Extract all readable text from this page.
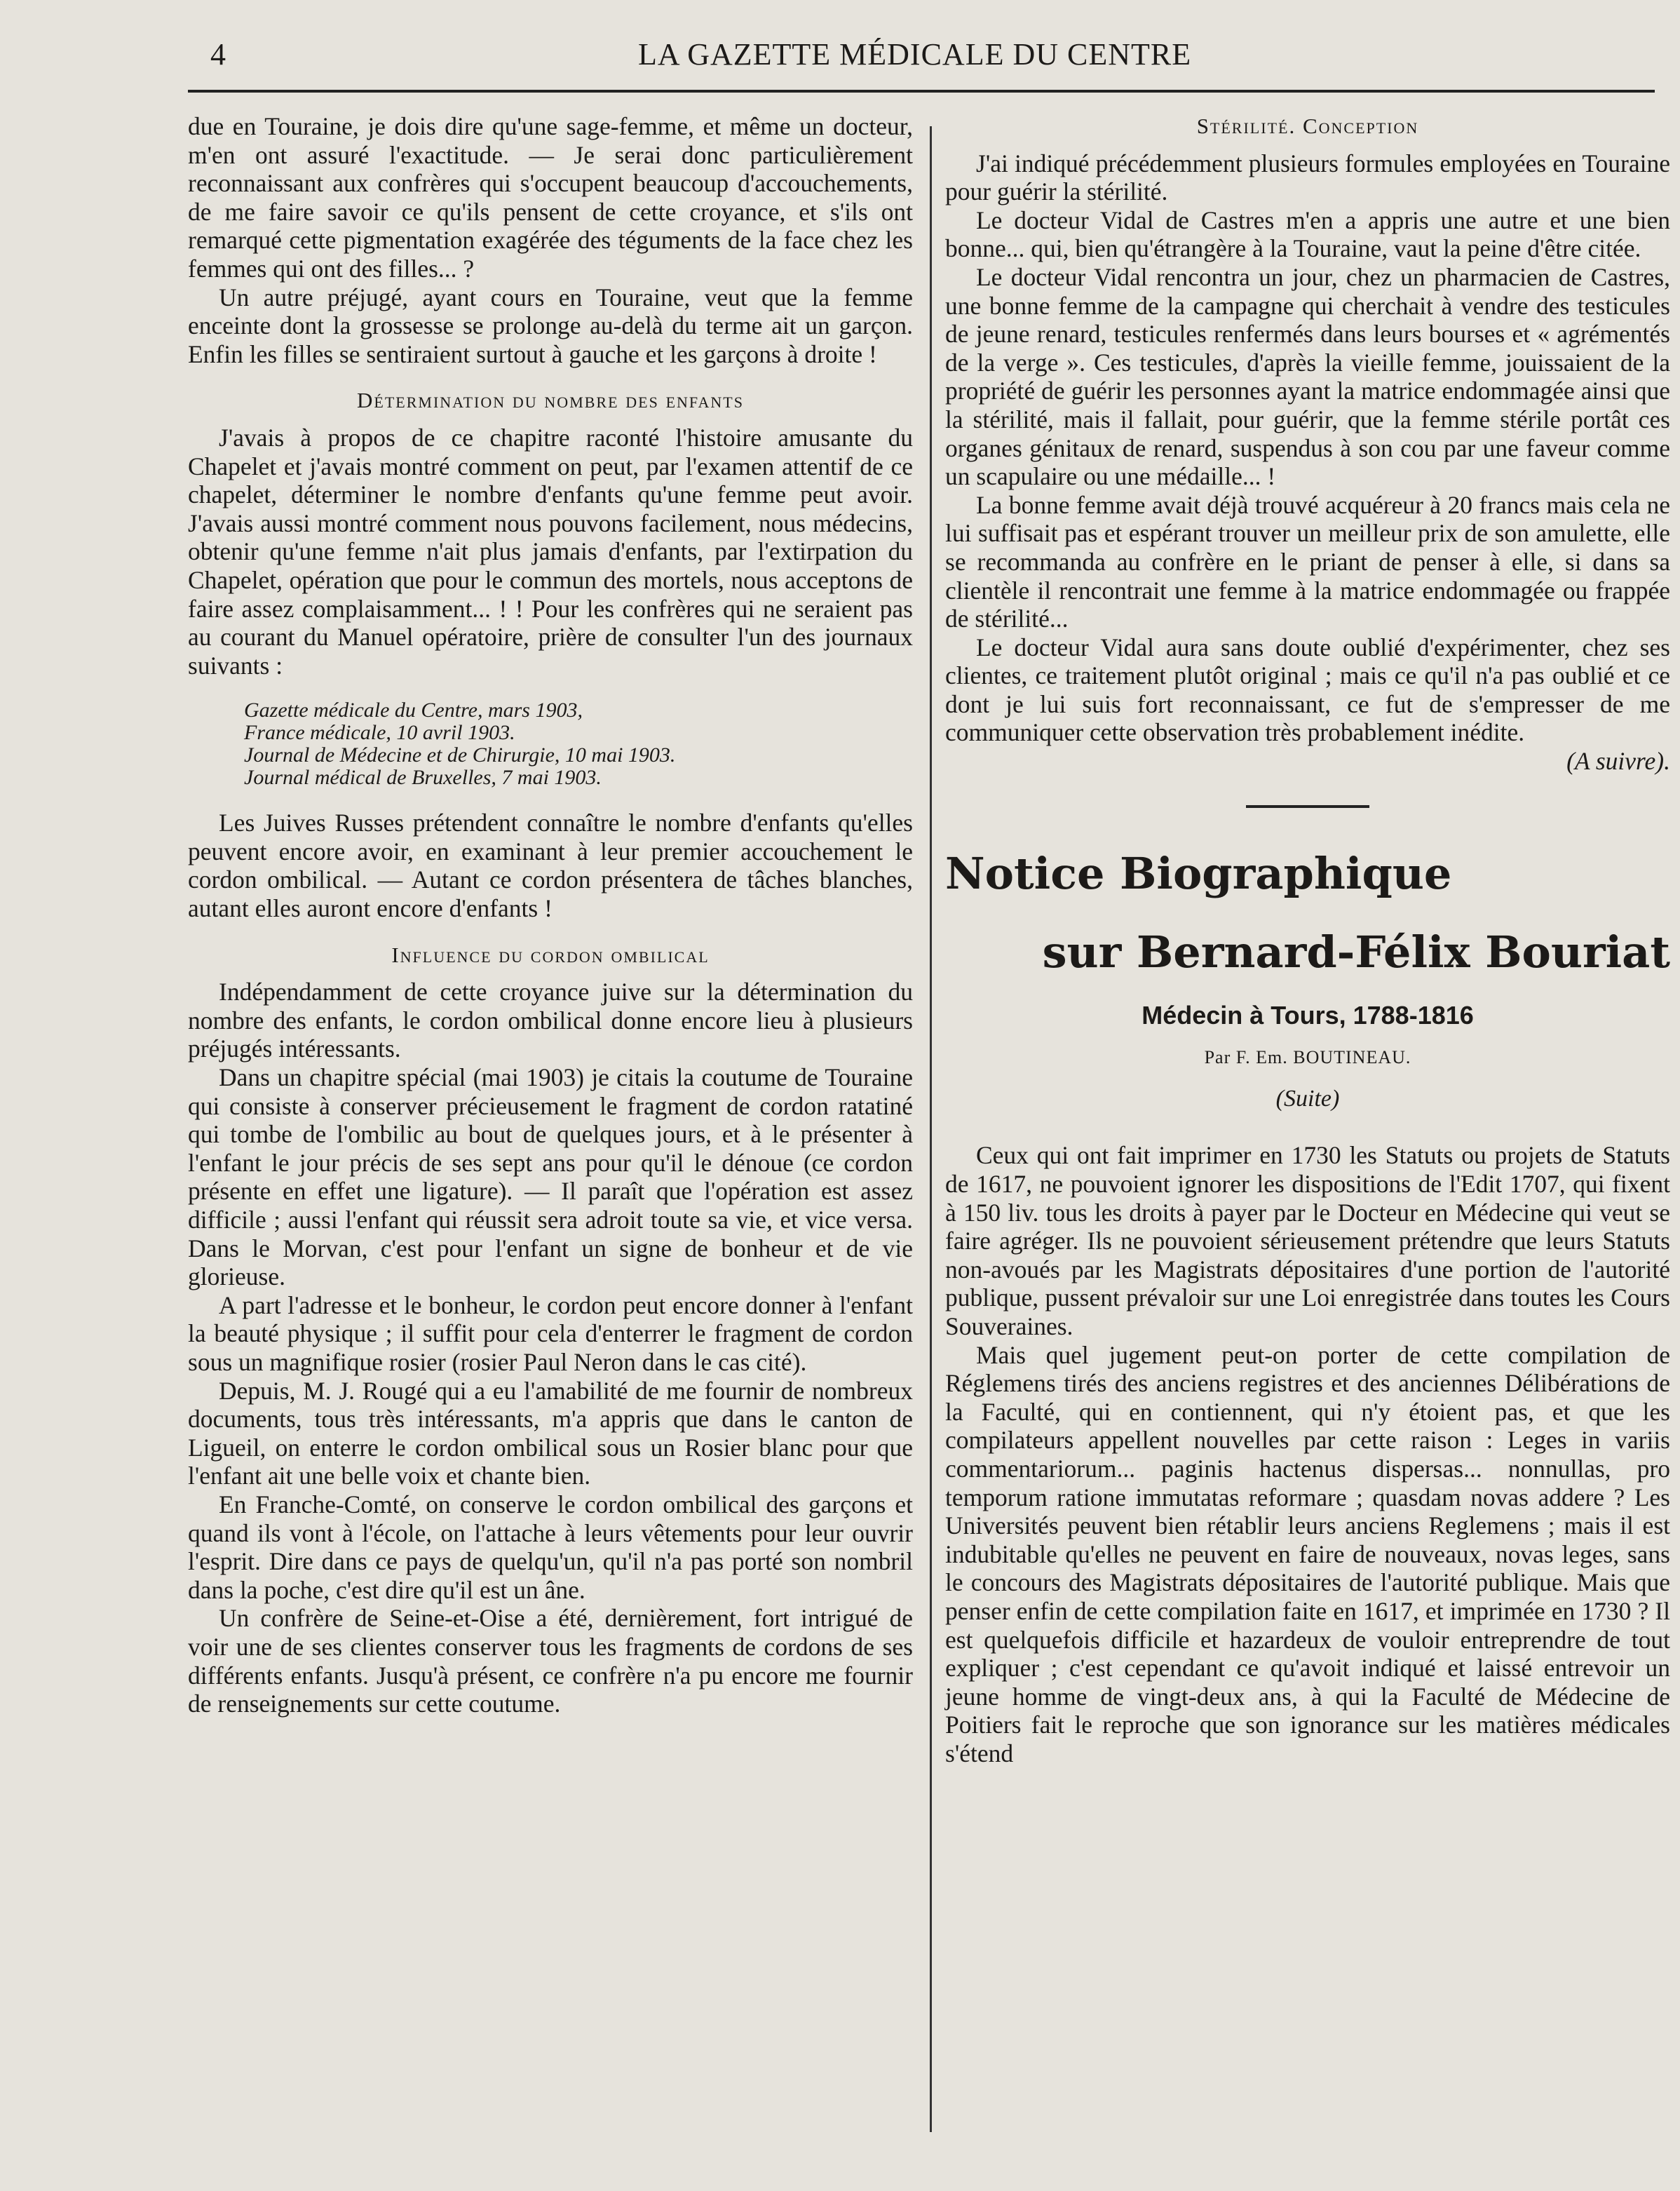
4	LA GAZETTE MÉDICALE DU CENTRE

due en Touraine, je dois dire qu'une sage-femme, et même un docteur, m'en ont assuré l'exactitude. — Je serai donc particulièrement reconnaissant aux confrères qui s'occupent beaucoup d'accouchements, de me faire savoir ce qu'ils pensent de cette croyance, et s'ils ont remarqué cette pigmentation exagérée des téguments de la face chez les femmes qui ont des filles... ?

Un autre préjugé, ayant cours en Touraine, veut que la femme enceinte dont la grossesse se prolonge au-delà du terme ait un garçon. Enfin les filles se sentiraient surtout à gauche et les garçons à droite !

Détermination du nombre des enfants

J'avais à propos de ce chapitre raconté l'histoire amusante du Chapelet et j'avais montré comment on peut, par l'examen attentif de ce chapelet, déterminer le nombre d'enfants qu'une femme peut avoir. J'avais aussi montré comment nous pouvons facilement, nous médecins, obtenir qu'une femme n'ait plus jamais d'enfants, par l'extirpation du Chapelet, opération que pour le commun des mortels, nous acceptons de faire assez complaisamment... ! ! Pour les confrères qui ne seraient pas au courant du Manuel opératoire, prière de consulter l'un des journaux suivants :

Gazette médicale du Centre, mars 1903,
France médicale, 10 avril 1903.
Journal de Médecine et de Chirurgie, 10 mai 1903.
Journal médical de Bruxelles, 7 mai 1903.

Les Juives Russes prétendent connaître le nombre d'enfants qu'elles peuvent encore avoir, en examinant à leur premier accouchement le cordon ombilical. — Autant ce cordon présentera de tâches blanches, autant elles auront encore d'enfants !

Influence du cordon ombilical

Indépendamment de cette croyance juive sur la détermination du nombre des enfants, le cordon ombilical donne encore lieu à plusieurs préjugés intéressants.

Dans un chapitre spécial (mai 1903) je citais la coutume de Touraine qui consiste à conserver précieusement le fragment de cordon ratatiné qui tombe de l'ombilic au bout de quelques jours, et à le présenter à l'enfant le jour précis de ses sept ans pour qu'il le dénoue (ce cordon présente en effet une ligature). — Il paraît que l'opération est assez difficile ; aussi l'enfant qui réussit sera adroit toute sa vie, et vice versa. Dans le Morvan, c'est pour l'enfant un signe de bonheur et de vie glorieuse.

A part l'adresse et le bonheur, le cordon peut encore donner à l'enfant la beauté physique ; il suffit pour cela d'enterrer le fragment de cordon sous un magnifique rosier (rosier Paul Neron dans le cas cité).

Depuis, M. J. Rougé qui a eu l'amabilité de me fournir de nombreux documents, tous très intéressants, m'a appris que dans le canton de Ligueil, on enterre le cordon ombilical sous un Rosier blanc pour que l'enfant ait une belle voix et chante bien.

En Franche-Comté, on conserve le cordon ombilical des garçons et quand ils vont à l'école, on l'attache à leurs vêtements pour leur ouvrir l'esprit. Dire dans ce pays de quelqu'un, qu'il n'a pas porté son nombril dans la poche, c'est dire qu'il est un âne.

Un confrère de Seine-et-Oise a été, dernièrement, fort intrigué de voir une de ses clientes conserver tous les fragments de cordons de ses différents enfants. Jusqu'à présent, ce confrère n'a pu encore me fournir de renseignements sur cette coutume.

Stérilité. Conception

J'ai indiqué précédemment plusieurs formules employées en Touraine pour guérir la stérilité.

Le docteur Vidal de Castres m'en a appris une autre et une bien bonne... qui, bien qu'étrangère à la Touraine, vaut la peine d'être citée.

Le docteur Vidal rencontra un jour, chez un pharmacien de Castres, une bonne femme de la campagne qui cherchait à vendre des testicules de jeune renard, testicules renfermés dans leurs bourses et « agrémentés de la verge ». Ces testicules, d'après la vieille femme, jouissaient de la propriété de guérir les personnes ayant la matrice endommagée ainsi que la stérilité, mais il fallait, pour guérir, que la femme stérile portât ces organes génitaux de renard, suspendus à son cou par une faveur comme un scapulaire ou une médaille... !

La bonne femme avait déjà trouvé acquéreur à 20 francs mais cela ne lui suffisait pas et espérant trouver un meilleur prix de son amulette, elle se recommanda au confrère en le priant de penser à elle, si dans sa clientèle il rencontrait une femme à la matrice endommagée ou frappée de stérilité...

Le docteur Vidal aura sans doute oublié d'expérimenter, chez ses clientes, ce traitement plutôt original ; mais ce qu'il n'a pas oublié et ce dont je lui suis fort reconnaissant, ce fut de s'empresser de me communiquer cette observation très probablement inédite.

(A suivre).

Notice Biographique
sur Bernard-Félix Bouriat
Médecin à Tours, 1788-1816
Par F. Em. BOUTINEAU.
(Suite)

Ceux qui ont fait imprimer en 1730 les Statuts ou projets de Statuts de 1617, ne pouvoient ignorer les dispositions de l'Edit 1707, qui fixent à 150 liv. tous les droits à payer par le Docteur en Médecine qui veut se faire agréger. Ils ne pouvoient sérieusement prétendre que leurs Statuts non-avoués par les Magistrats dépositaires d'une portion de l'autorité publique, pussent prévaloir sur une Loi enregistrée dans toutes les Cours Souveraines.

Mais quel jugement peut-on porter de cette compilation de Réglemens tirés des anciens registres et des anciennes Délibérations de la Faculté, qui en contiennent, qui n'y étoient pas, et que les compilateurs appellent nouvelles par cette raison : Leges in variis commentariorum... paginis hactenus dispersas... nonnullas, pro temporum ratione immutatas reformare ; quasdam novas addere ? Les Universités peuvent bien rétablir leurs anciens Reglemens ; mais il est indubitable qu'elles ne peuvent en faire de nouveaux, novas leges, sans le concours des Magistrats dépositaires de l'autorité publique. Mais que penser enfin de cette compilation faite en 1617, et imprimée en 1730 ? Il est quelquefois difficile et hazardeux de vouloir entreprendre de tout expliquer ; c'est cependant ce qu'avoit indiqué et laissé entrevoir un jeune homme de vingt-deux ans, à qui la Faculté de Médecine de Poitiers fait le reproche que son ignorance sur les matières médicales s'étend
